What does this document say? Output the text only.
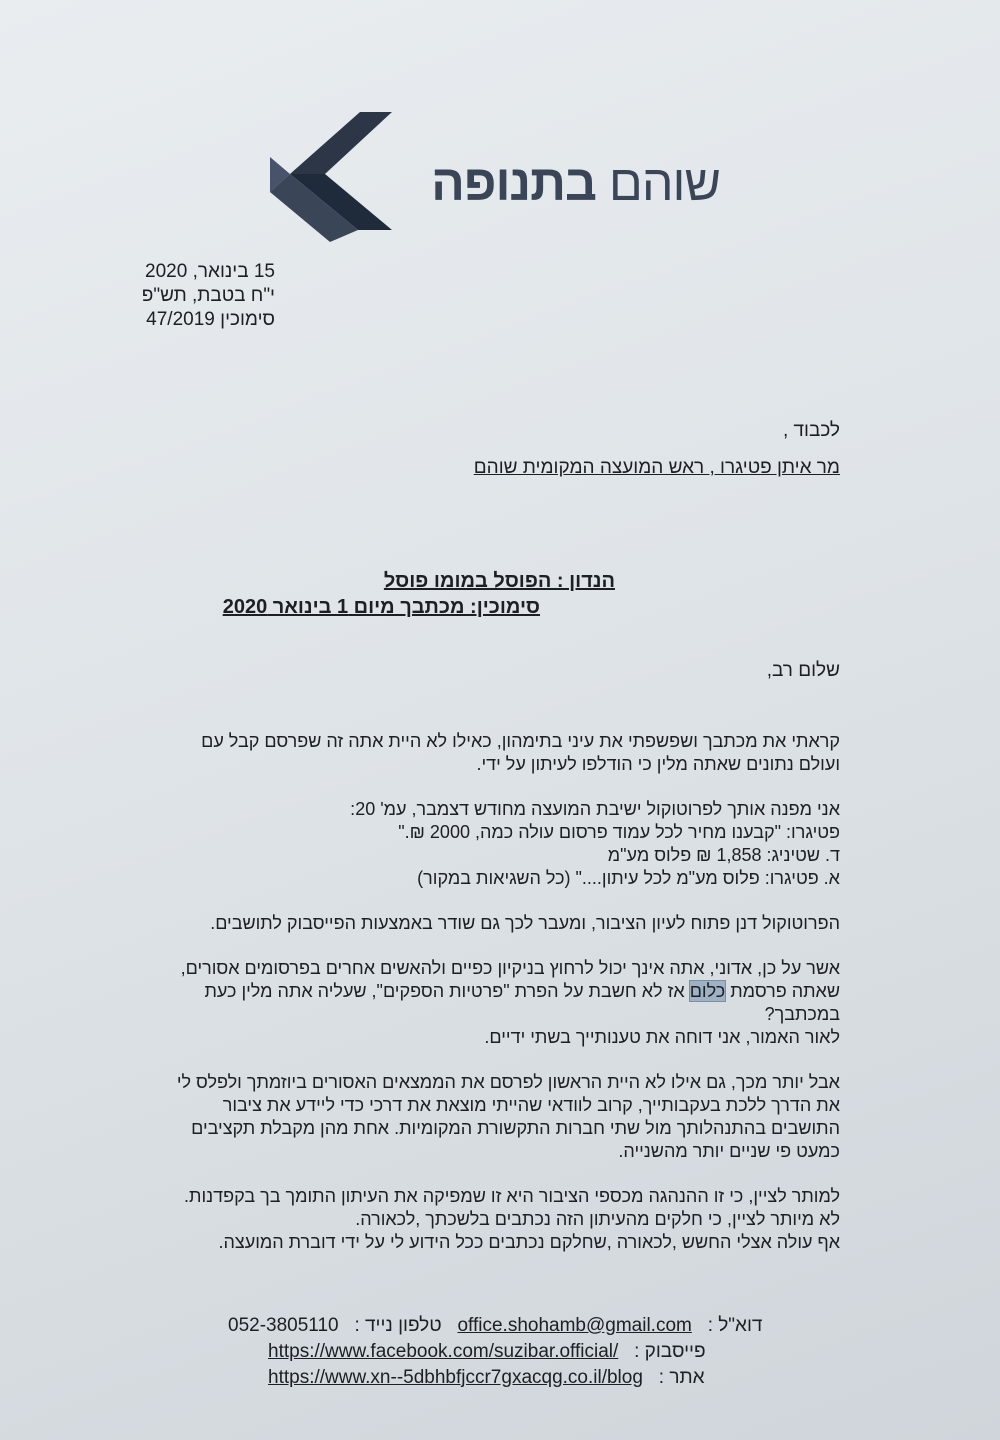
שוהם בתנופה
15 בינואר, 2020
י"ח בטבת, תש"פ
סימוכין 47/2019
לכבוד ,
מר איתן פטיגרו , ראש המועצה המקומית שוהם
הנדון : הפוסל במומו פוסל
סימוכין: מכתבך מיום 1 בינואר 2020
שלום רב,
קראתי את מכתבך ושפשפתי את עיני בתימהון, כאילו לא היית אתה זה שפרסם קבל עם
ועולם נתונים שאתה מלין כי הודלפו לעיתון על ידי.
אני מפנה אותך לפרוטוקול ישיבת המועצה מחודש דצמבר, עמ' 20:
פטיגרו: "קבענו מחיר לכל עמוד פרסום עולה כמה, 2000 ₪."
ד. שטיניג: 1,858 ₪ פלוס מע"מ
א. פטיגרו: פלוס מע"מ לכל עיתון...." (כל השגיאות במקור)
הפרוטוקול דנן פתוח לעיון הציבור, ומעבר לכך גם שודר באמצעות הפייסבוק לתושבים.
אשר על כן, אדוני, אתה אינך יכול לרחוץ בניקיון כפיים ולהאשים אחרים בפרסומים אסורים,
שאתה פרסמת כלום אז לא חשבת על הפרת "פרטיות הספקים", שעליה אתה מלין כעת
במכתבך?
לאור האמור, אני דוחה את טענותייך בשתי ידיים.
אבל יותר מכך, גם אילו לא היית הראשון לפרסם את הממצאים האסורים ביוזמתך ולפלס לי
את הדרך ללכת בעקבותייך, קרוב לוודאי שהייתי מוצאת את דרכי כדי ליידע את ציבור
התושבים בהתנהלותך מול שתי חברות התקשורת המקומיות. אחת מהן מקבלת תקציבים
כמעט פי שניים יותר מהשנייה.
למותר לציין, כי זו ההנהגה מכספי הציבור היא זו שמפיקה את העיתון התומך בך בקפדנות.
לא מיותר לציין, כי חלקים מהעיתון הזה נכתבים בלשכתך ,לכאורה.
אף עולה אצלי החשש ,לכאורה ,שחלקם נכתבים ככל הידוע לי על ידי דוברת המועצה.
052-3805110 טלפון נייד : office.shohamb@gmail.com דוא"ל :
https://www.facebook.com/suzibar.official/ פייסבוק :
https://www.xn--5dbhbfjccr7gxacqg.co.il/blog אתר :
